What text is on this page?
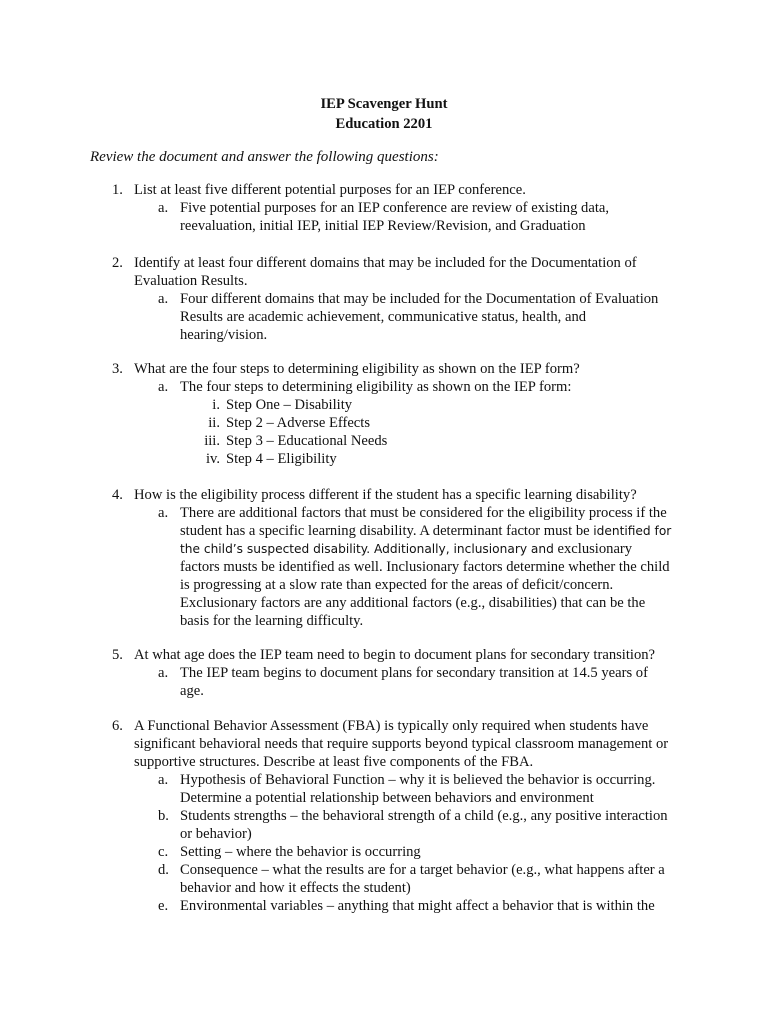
IEP Scavenger Hunt
Education 2201
Review the document and answer the following questions:
1. List at least five different potential purposes for an IEP conference.
a. Five potential purposes for an IEP conference are review of existing data, reevaluation, initial IEP, initial IEP Review/Revision, and Graduation
2. Identify at least four different domains that may be included for the Documentation of Evaluation Results.
a. Four different domains that may be included for the Documentation of Evaluation Results are academic achievement, communicative status, health, and hearing/vision.
3. What are the four steps to determining eligibility as shown on the IEP form?
a. The four steps to determining eligibility as shown on the IEP form:
i. Step One – Disability
ii. Step 2 – Adverse Effects
iii. Step 3 – Educational Needs
iv. Step 4 – Eligibility
4. How is the eligibility process different if the student has a specific learning disability?
a. There are additional factors that must be considered for the eligibility process if the student has a specific learning disability. A determinant factor must be identified for the child’s suspected disability. Additionally, inclusionary and exclusionary factors musts be identified as well. Inclusionary factors determine whether the child is progressing at a slow rate than expected for the areas of deficit/concern. Exclusionary factors are any additional factors (e.g., disabilities) that can be the basis for the learning difficulty.
5. At what age does the IEP team need to begin to document plans for secondary transition?
a. The IEP team begins to document plans for secondary transition at 14.5 years of age.
6. A Functional Behavior Assessment (FBA) is typically only required when students have significant behavioral needs that require supports beyond typical classroom management or supportive structures. Describe at least five components of the FBA.
a. Hypothesis of Behavioral Function – why it is believed the behavior is occurring. Determine a potential relationship between behaviors and environment
b. Students strengths – the behavioral strength of a child (e.g., any positive interaction or behavior)
c. Setting – where the behavior is occurring
d. Consequence – what the results are for a target behavior (e.g., what happens after a behavior and how it effects the student)
e. Environmental variables – anything that might affect a behavior that is within the
